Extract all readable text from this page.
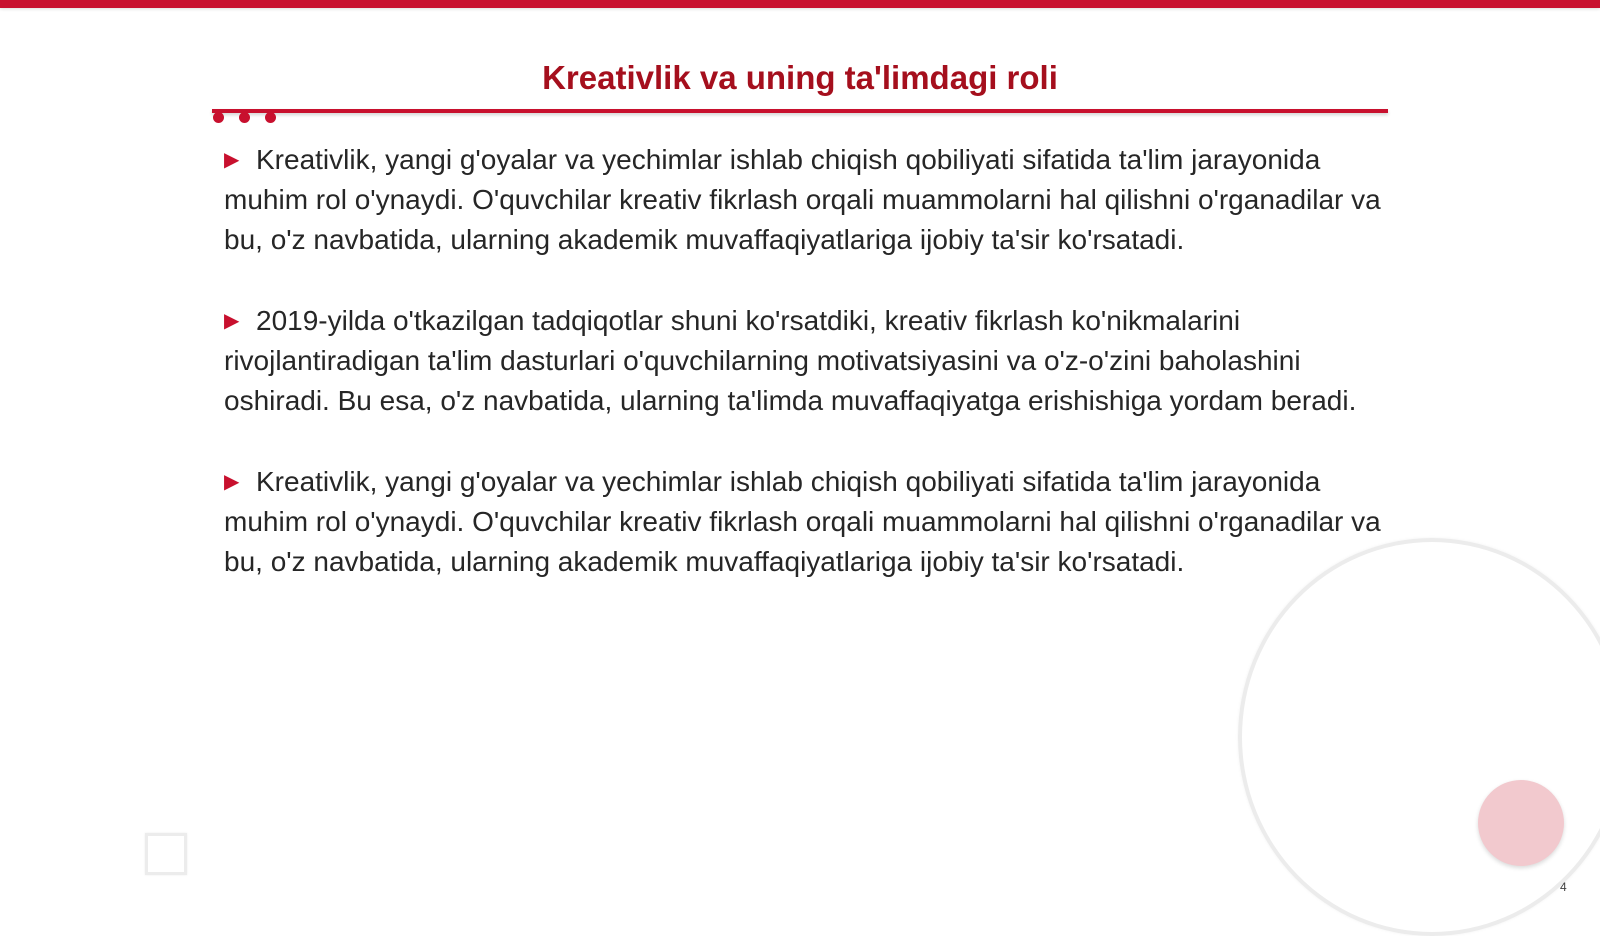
Kreativlik va uning ta'limdagi roli

▶ Kreativlik, yangi g'oyalar va yechimlar ishlab chiqish qobiliyati sifatida ta'lim jarayonida muhim rol o'ynaydi. O'quvchilar kreativ fikrlash orqali muammolarni hal qilishni o'rganadilar va bu, o'z navbatida, ularning akademik muvaffaqiyatlariga ijobiy ta'sir ko'rsatadi.

▶ 2019-yilda o'tkazilgan tadqiqotlar shuni ko'rsatdiki, kreativ fikrlash ko'nikmalarini rivojlantiradigan ta'lim dasturlari o'quvchilarning motivatsiyasini va o'z-o'zini baholashini oshiradi. Bu esa, o'z navbatida, ularning ta'limda muvaffaqiyatga erishishiga yordam beradi.

▶ Kreativlik, yangi g'oyalar va yechimlar ishlab chiqish qobiliyati sifatida ta'lim jarayonida muhim rol o'ynaydi. O'quvchilar kreativ fikrlash orqali muammolarni hal qilishni o'rganadilar va bu, o'z navbatida, ularning akademik muvaffaqiyatlariga ijobiy ta'sir ko'rsatadi.

4
